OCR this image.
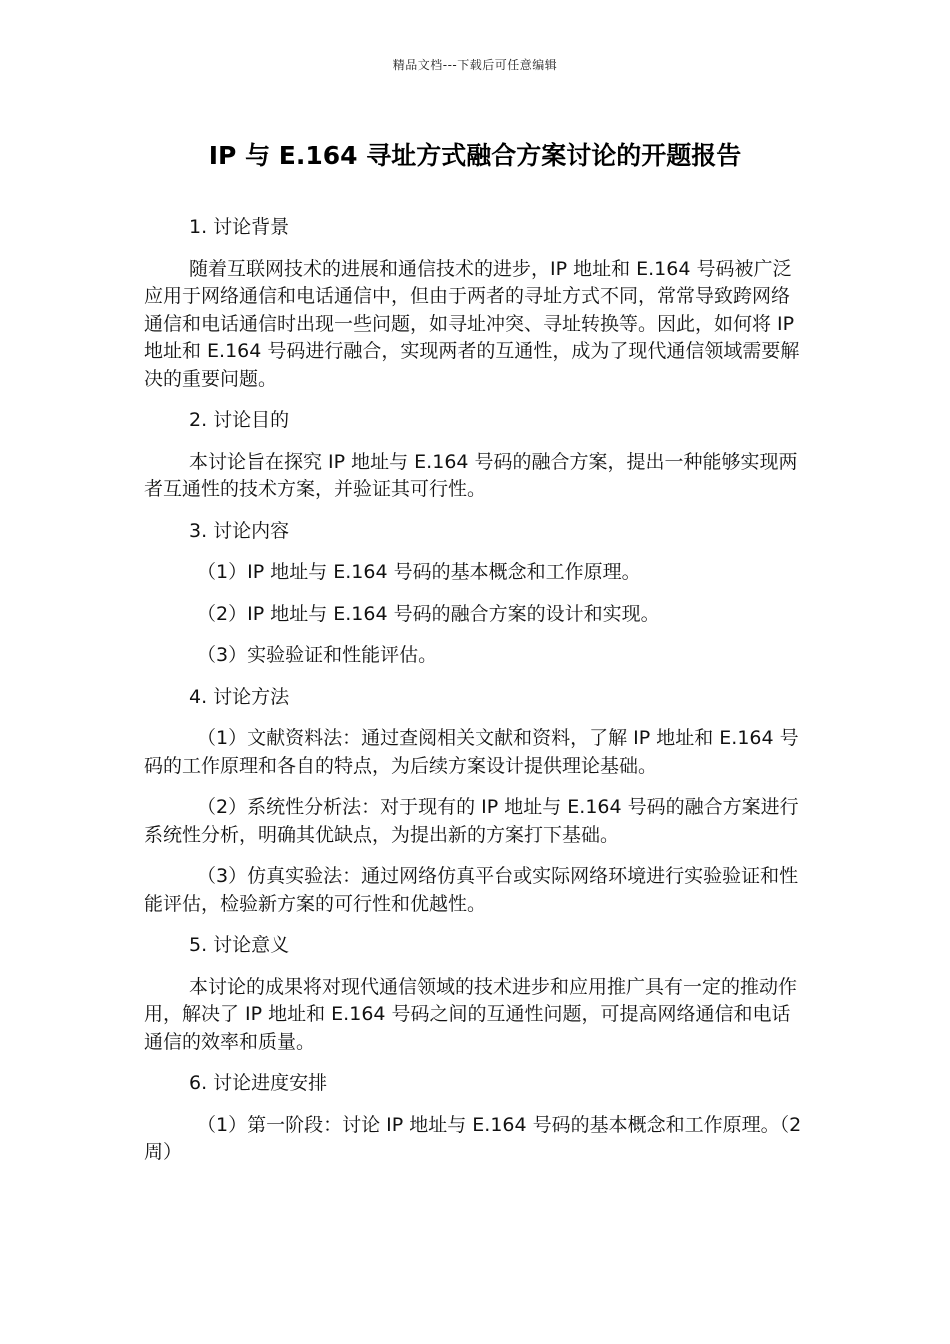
精品文档---下载后可任意编辑
IP 与 E.164 寻址方式融合方案讨论的开题报告

1. 讨论背景

随着互联网技术的进展和通信技术的进步，IP 地址和 E.164 号码被广泛应用于网络通信和电话通信中，但由于两者的寻址方式不同，常常导致跨网络通信和电话通信时出现一些问题，如寻址冲突、寻址转换等。因此，如何将 IP 地址和 E.164 号码进行融合，实现两者的互通性，成为了现代通信领域需要解决的重要问题。

2. 讨论目的

本讨论旨在探究 IP 地址与 E.164 号码的融合方案，提出一种能够实现两者互通性的技术方案，并验证其可行性。

3. 讨论内容

（1）IP 地址与 E.164 号码的基本概念和工作原理。

（2）IP 地址与 E.164 号码的融合方案的设计和实现。

（3）实验验证和性能评估。

4. 讨论方法

（1）文献资料法：通过查阅相关文献和资料，了解 IP 地址和 E.164 号码的工作原理和各自的特点，为后续方案设计提供理论基础。

（2）系统性分析法：对于现有的 IP 地址与 E.164 号码的融合方案进行系统性分析，明确其优缺点，为提出新的方案打下基础。

（3）仿真实验法：通过网络仿真平台或实际网络环境进行实验验证和性能评估，检验新方案的可行性和优越性。

5. 讨论意义

本讨论的成果将对现代通信领域的技术进步和应用推广具有一定的推动作用，解决了 IP 地址和 E.164 号码之间的互通性问题，可提高网络通信和电话通信的效率和质量。

6. 讨论进度安排

（1）第一阶段：讨论 IP 地址与 E.164 号码的基本概念和工作原理。（2 周）
